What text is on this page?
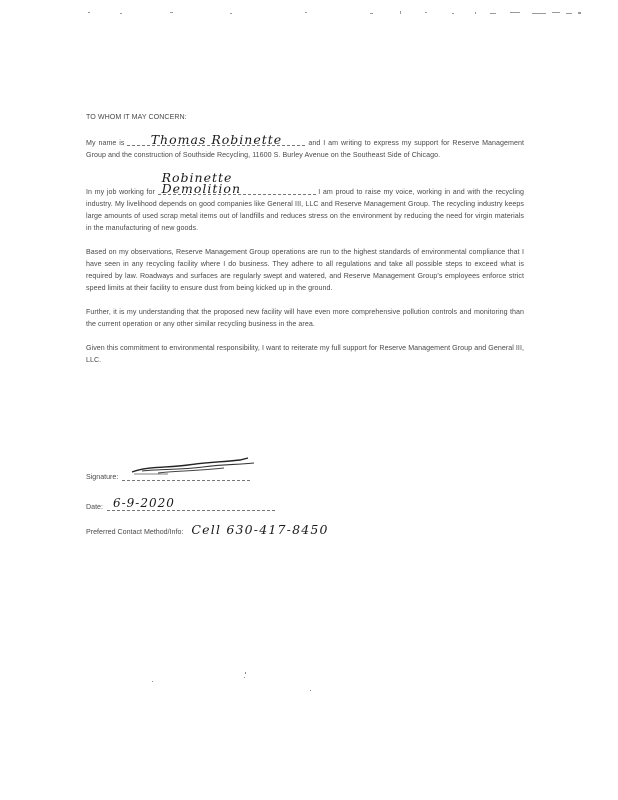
TO WHOM IT MAY CONCERN:

My name is Thomas Robinette	and I am writing to express my support for Reserve Management Group and the construction of Southside Recycling, 11600 S. Burley Avenue on the Southeast Side of Chicago.

In my job working for Robinette Demolition	I am proud to raise my voice, working in and with the recycling industry. My livelihood depends on good companies like General III, LLC and Reserve Management Group. The recycling industry keeps large amounts of used scrap metal items out of landfills and reduces stress on the environment by reducing the need for virgin materials in the manufacturing of new goods.

Based on my observations, Reserve Management Group operations are run to the highest standards of environmental compliance that I have seen in any recycling facility where I do business. They adhere to all regulations and take all possible steps to exceed what is required by law. Roadways and surfaces are regularly swept and watered, and Reserve Management Group's employees enforce strict speed limits at their facility to ensure dust from being kicked up in the ground.

Further, it is my understanding that the proposed new facility will have even more comprehensive pollution controls and monitoring than the current operation or any other similar recycling business in the area.

Given this commitment to environmental responsibility, I want to reiterate my full support for Reserve Management Group and General III, LLC.

Signature:
Date: 6-9-2020
Preferred Contact Method/Info: Cell 630-417-8450
